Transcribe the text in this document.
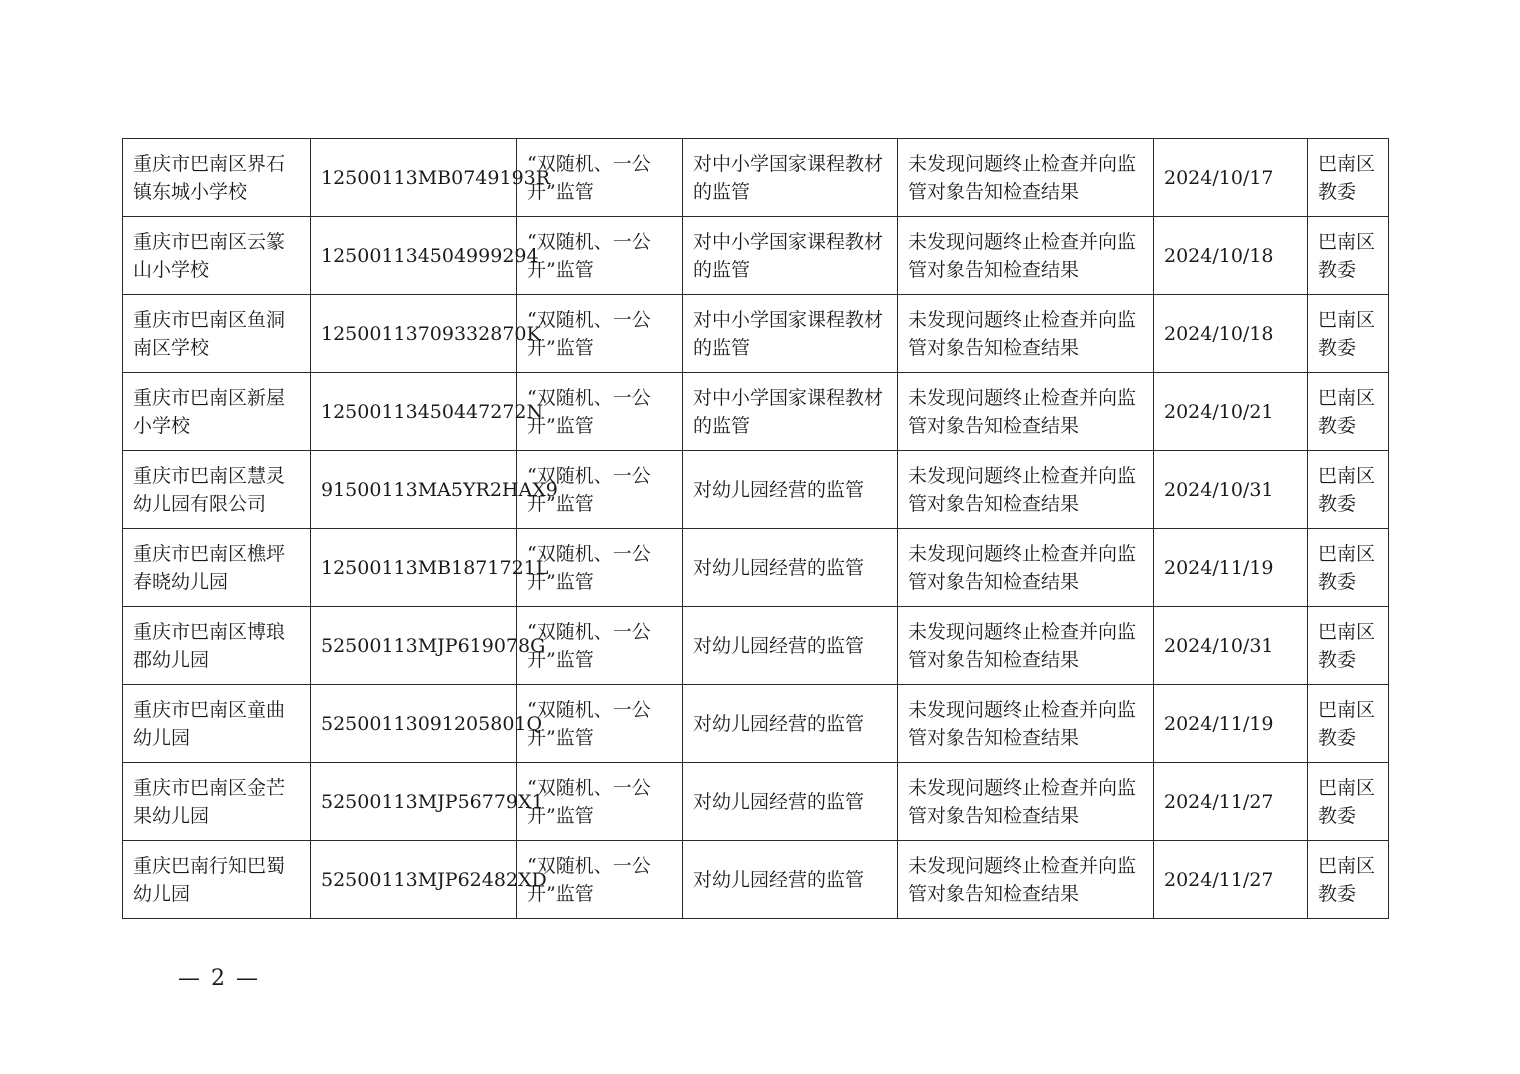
重庆市巴南区界石镇东城小学校	12500113MB0749193R	“双随机、一公开”监管	对中小学国家课程教材的监管	未发现问题终止检查并向监管对象告知检查结果	2024/10/17	巴南区教委
重庆市巴南区云篆山小学校	125001134504999294	“双随机、一公开”监管	对中小学国家课程教材的监管	未发现问题终止检查并向监管对象告知检查结果	2024/10/18	巴南区教委
重庆市巴南区鱼洞南区学校	12500113709332870K	“双随机、一公开”监管	对中小学国家课程教材的监管	未发现问题终止检查并向监管对象告知检查结果	2024/10/18	巴南区教委
重庆市巴南区新屋小学校	12500113450447272N	“双随机、一公开”监管	对中小学国家课程教材的监管	未发现问题终止检查并向监管对象告知检查结果	2024/10/21	巴南区教委
重庆市巴南区慧灵幼儿园有限公司	91500113MA5YR2HAX9	“双随机、一公开”监管	对幼儿园经营的监管	未发现问题终止检查并向监管对象告知检查结果	2024/10/31	巴南区教委
重庆市巴南区樵坪春晓幼儿园	12500113MB1871721L	“双随机、一公开”监管	对幼儿园经营的监管	未发现问题终止检查并向监管对象告知检查结果	2024/11/19	巴南区教委
重庆市巴南区博琅郡幼儿园	52500113MJP619078G	“双随机、一公开”监管	对幼儿园经营的监管	未发现问题终止检查并向监管对象告知检查结果	2024/10/31	巴南区教委
重庆市巴南区童曲幼儿园	52500113091205801Q	“双随机、一公开”监管	对幼儿园经营的监管	未发现问题终止检查并向监管对象告知检查结果	2024/11/19	巴南区教委
重庆市巴南区金芒果幼儿园	52500113MJP56779X1	“双随机、一公开”监管	对幼儿园经营的监管	未发现问题终止检查并向监管对象告知检查结果	2024/11/27	巴南区教委
重庆巴南行知巴蜀幼儿园	52500113MJP62482XD	“双随机、一公开”监管	对幼儿园经营的监管	未发现问题终止检查并向监管对象告知检查结果	2024/11/27	巴南区教委
— 2 —
